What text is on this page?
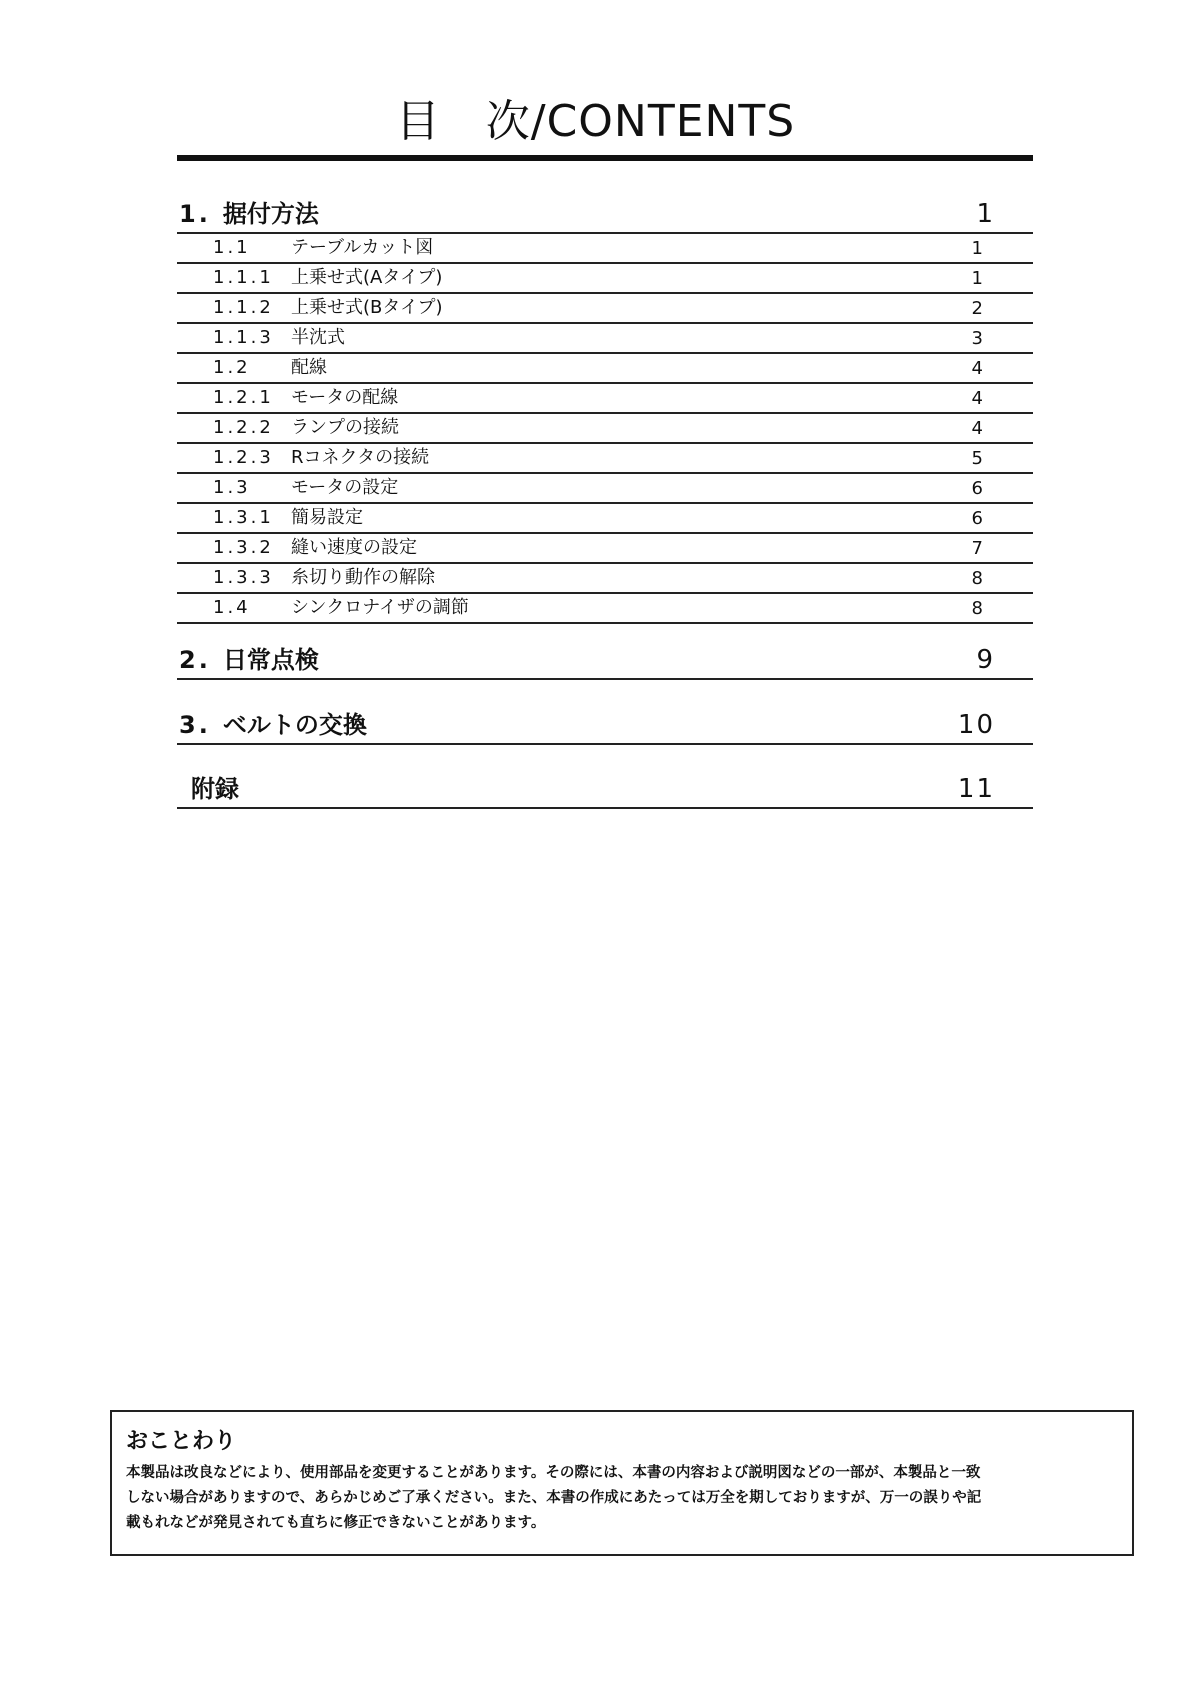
目　次/CONTENTS
1. 据付方法	1
1.1 テーブルカット図	1
1.1.1 上乗せ式(Aタイプ)	1
1.1.2 上乗せ式(Bタイプ)	2
1.1.3 半沈式	3
1.2 配線	4
1.2.1 モータの配線	4
1.2.2 ランプの接続	4
1.2.3 Rコネクタの接続	5
1.3 モータの設定	6
1.3.1 簡易設定	6
1.3.2 縫い速度の設定	7
1.3.3 糸切り動作の解除	8
1.4 シンクロナイザの調節	8
2. 日常点検	9
3. ベルトの交換	10
附録	11
おことわり

本製品は改良などにより、使用部品を変更することがあります。その際には、本書の内容および説明図などの一部が、本製品と一致
しない場合がありますので、あらかじめご了承ください。また、本書の作成にあたっては万全を期しておりますが、万一の誤りや記
載もれなどが発見されても直ちに修正できないことがあります。
